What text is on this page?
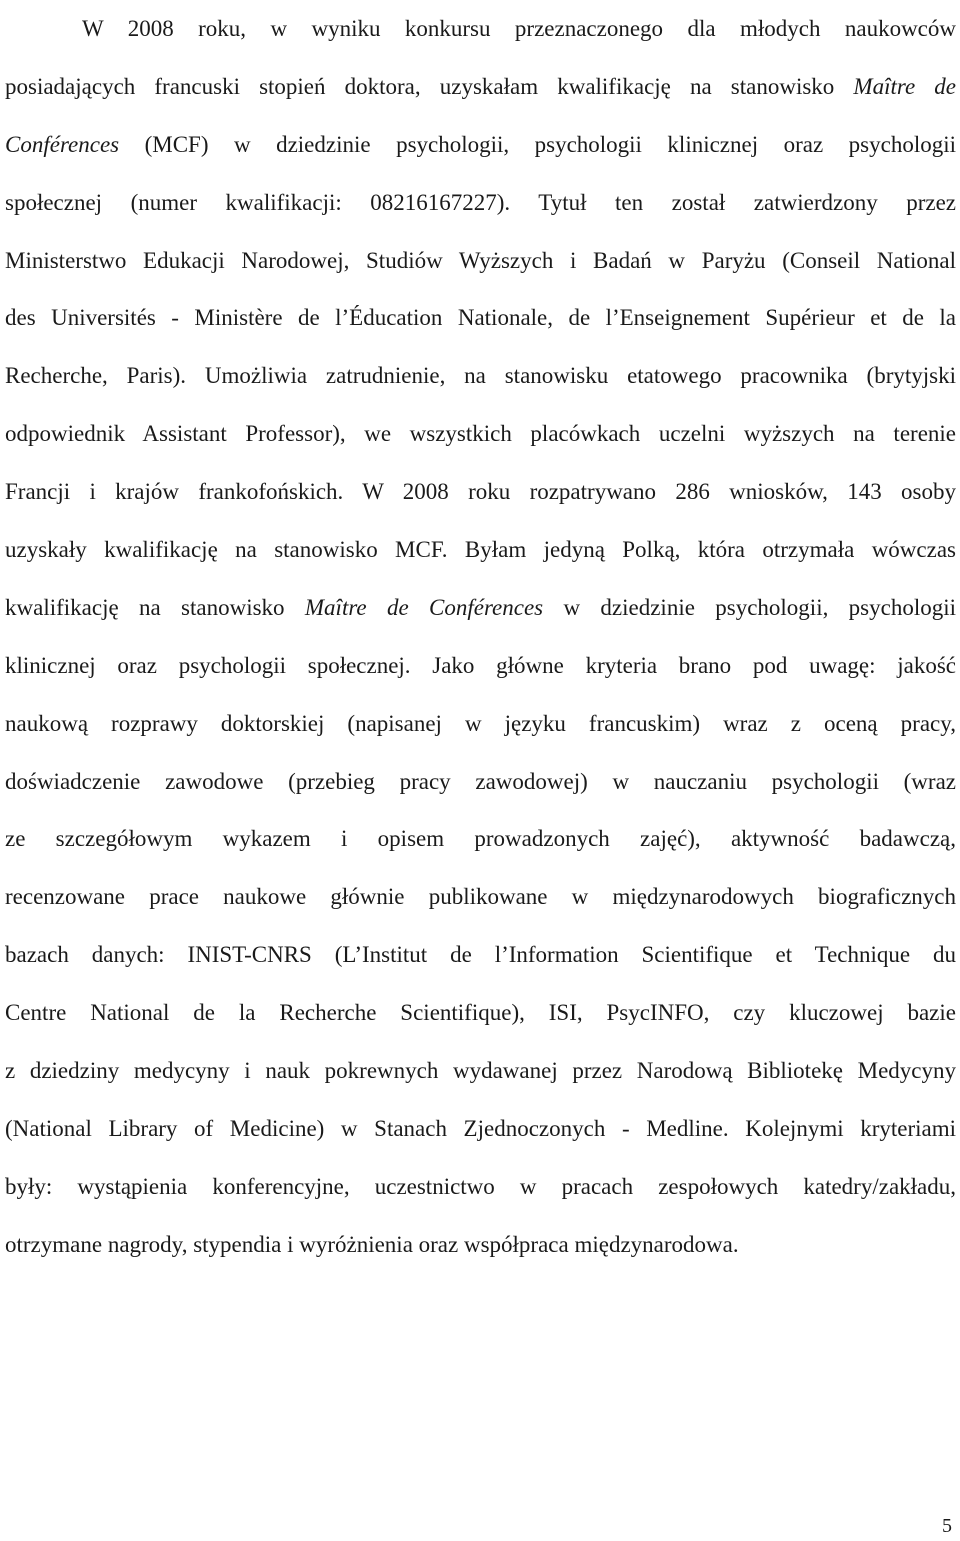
W 2008 roku, w wyniku konkursu przeznaczonego dla młodych naukowców
posiadających francuski stopień doktora, uzyskałam kwalifikację na stanowisko Maître de
Conférences (MCF) w dziedzinie psychologii, psychologii klinicznej oraz psychologii
społecznej (numer kwalifikacji: 08216167227). Tytuł ten został zatwierdzony przez
Ministerstwo Edukacji Narodowej, Studiów Wyższych i Badań w Paryżu (Conseil National
des Universités - Ministère de l’Éducation Nationale, de l’Enseignement Supérieur et de la
Recherche, Paris). Umożliwia zatrudnienie, na stanowisku etatowego pracownika (brytyjski
odpowiednik Assistant Professor), we wszystkich placówkach uczelni wyższych na terenie
Francji i krajów frankofońskich. W 2008 roku rozpatrywano 286 wniosków, 143 osoby
uzyskały kwalifikację na stanowisko MCF. Byłam jedyną Polką, która otrzymała wówczas
kwalifikację na stanowisko Maître de Conférences w dziedzinie psychologii, psychologii
klinicznej oraz psychologii społecznej. Jako główne kryteria brano pod uwagę: jakość
naukową rozprawy doktorskiej (napisanej w języku francuskim) wraz z oceną pracy,
doświadczenie zawodowe (przebieg pracy zawodowej) w nauczaniu psychologii (wraz
ze szczegółowym wykazem i opisem prowadzonych zajęć), aktywność badawczą,
recenzowane prace naukowe głównie publikowane w międzynarodowych biograficznych
bazach danych: INIST-CNRS (L’Institut de l’Information Scientifique et Technique du
Centre National de la Recherche Scientifique), ISI, PsycINFO, czy kluczowej bazie
z dziedziny medycyny i nauk pokrewnych wydawanej przez Narodową Bibliotekę Medycyny
(National Library of Medicine) w Stanach Zjednoczonych - Medline. Kolejnymi kryteriami
były: wystąpienia konferencyjne, uczestnictwo w pracach zespołowych katedry/zakładu,
otrzymane nagrody, stypendia i wyróżnienia oraz współpraca międzynarodowa.
5
